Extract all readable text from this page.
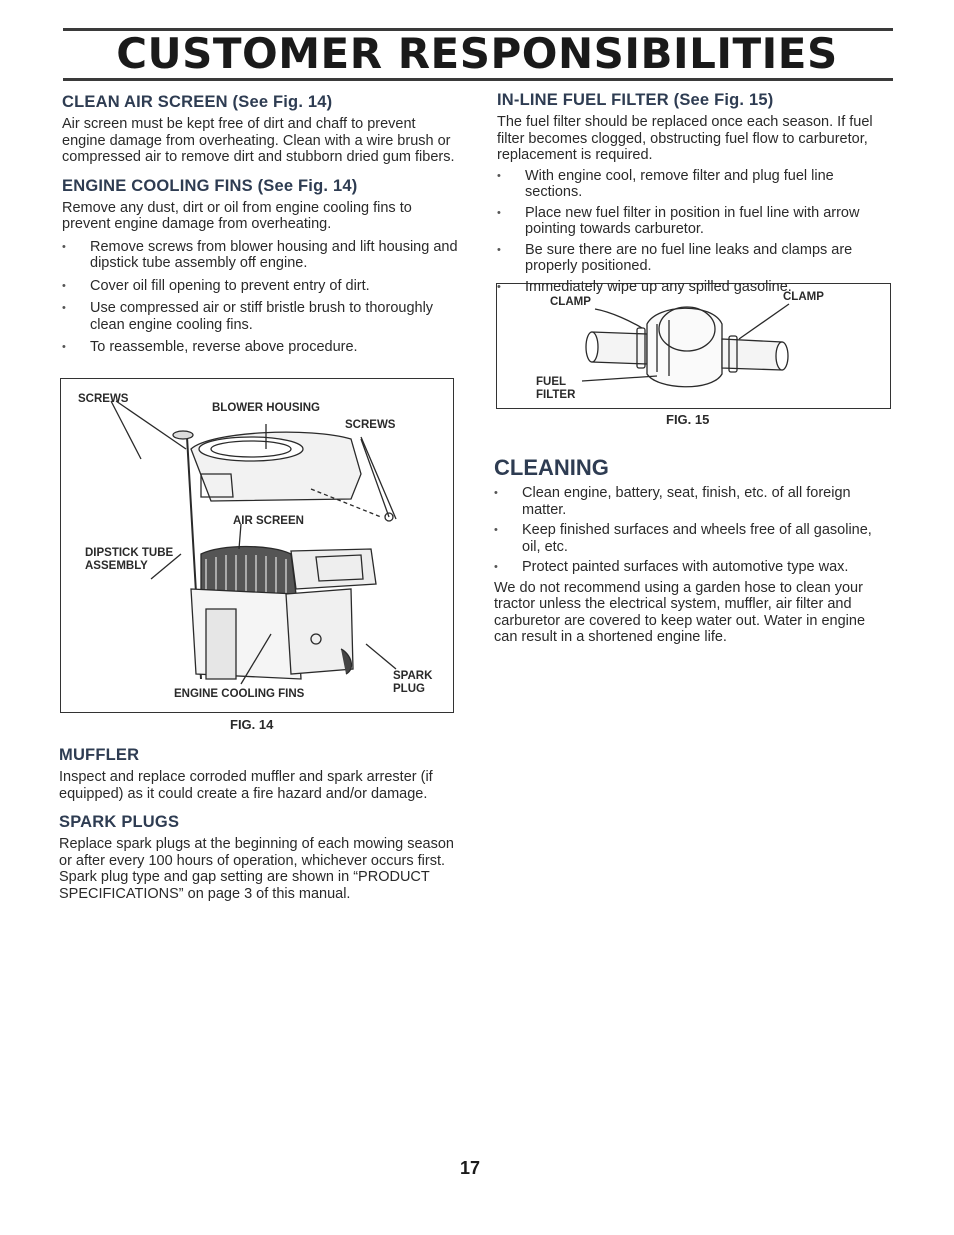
CUSTOMER RESPONSIBILITIES
CLEAN AIR SCREEN (See Fig. 14)

Air screen must be kept free of dirt and chaff to prevent engine damage from overheating. Clean with a wire brush or compressed air to remove dirt and stubborn dried gum fibers.

ENGINE COOLING FINS (See Fig. 14)

Remove any dust, dirt or oil from engine cooling fins to prevent engine damage from overheating.

• Remove screws from blower housing and lift housing and dipstick tube assembly off engine.
• Cover oil fill opening to prevent entry of dirt.
• Use compressed air or stiff bristle brush to thoroughly clean engine cooling fins.
• To reassemble, reverse above procedure.
SCREWS
BLOWER HOUSING
SCREWS
AIR SCREEN
DIPSTICK TUBE
ASSEMBLY
SPARK
PLUG
ENGINE COOLING FINS
FIG. 14
MUFFLER

Inspect and replace corroded muffler and spark arrester (if equipped) as it could create a fire hazard and/or damage.

SPARK PLUGS

Replace spark plugs at the beginning of each mowing season or after every 100 hours of operation, whichever occurs first. Spark plug type and gap setting are shown in “PRODUCT SPECIFICATIONS” on page 3 of this manual.

IN-LINE FUEL FILTER (See Fig. 15)

The fuel filter should be replaced once each season. If fuel filter becomes clogged, obstructing fuel flow to carburetor, replacement is required.

• With engine cool, remove filter and plug fuel line sections.
• Place new fuel filter in position in fuel line with arrow pointing towards carburetor.
• Be sure there are no fuel line leaks and clamps are properly positioned.
• Immediately wipe up any spilled gasoline.
CLAMP	CLAMP
FUEL
FILTER
FIG. 15
CLEANING
• Clean engine, battery, seat, finish, etc. of all foreign matter.
• Keep finished surfaces and wheels free of all gasoline, oil, etc.
• Protect painted surfaces with automotive type wax.

We do not recommend using a garden hose to clean your tractor unless the electrical system, muffler, air filter and carburetor are covered to keep water out. Water in engine can result in a shortened engine life.

17
